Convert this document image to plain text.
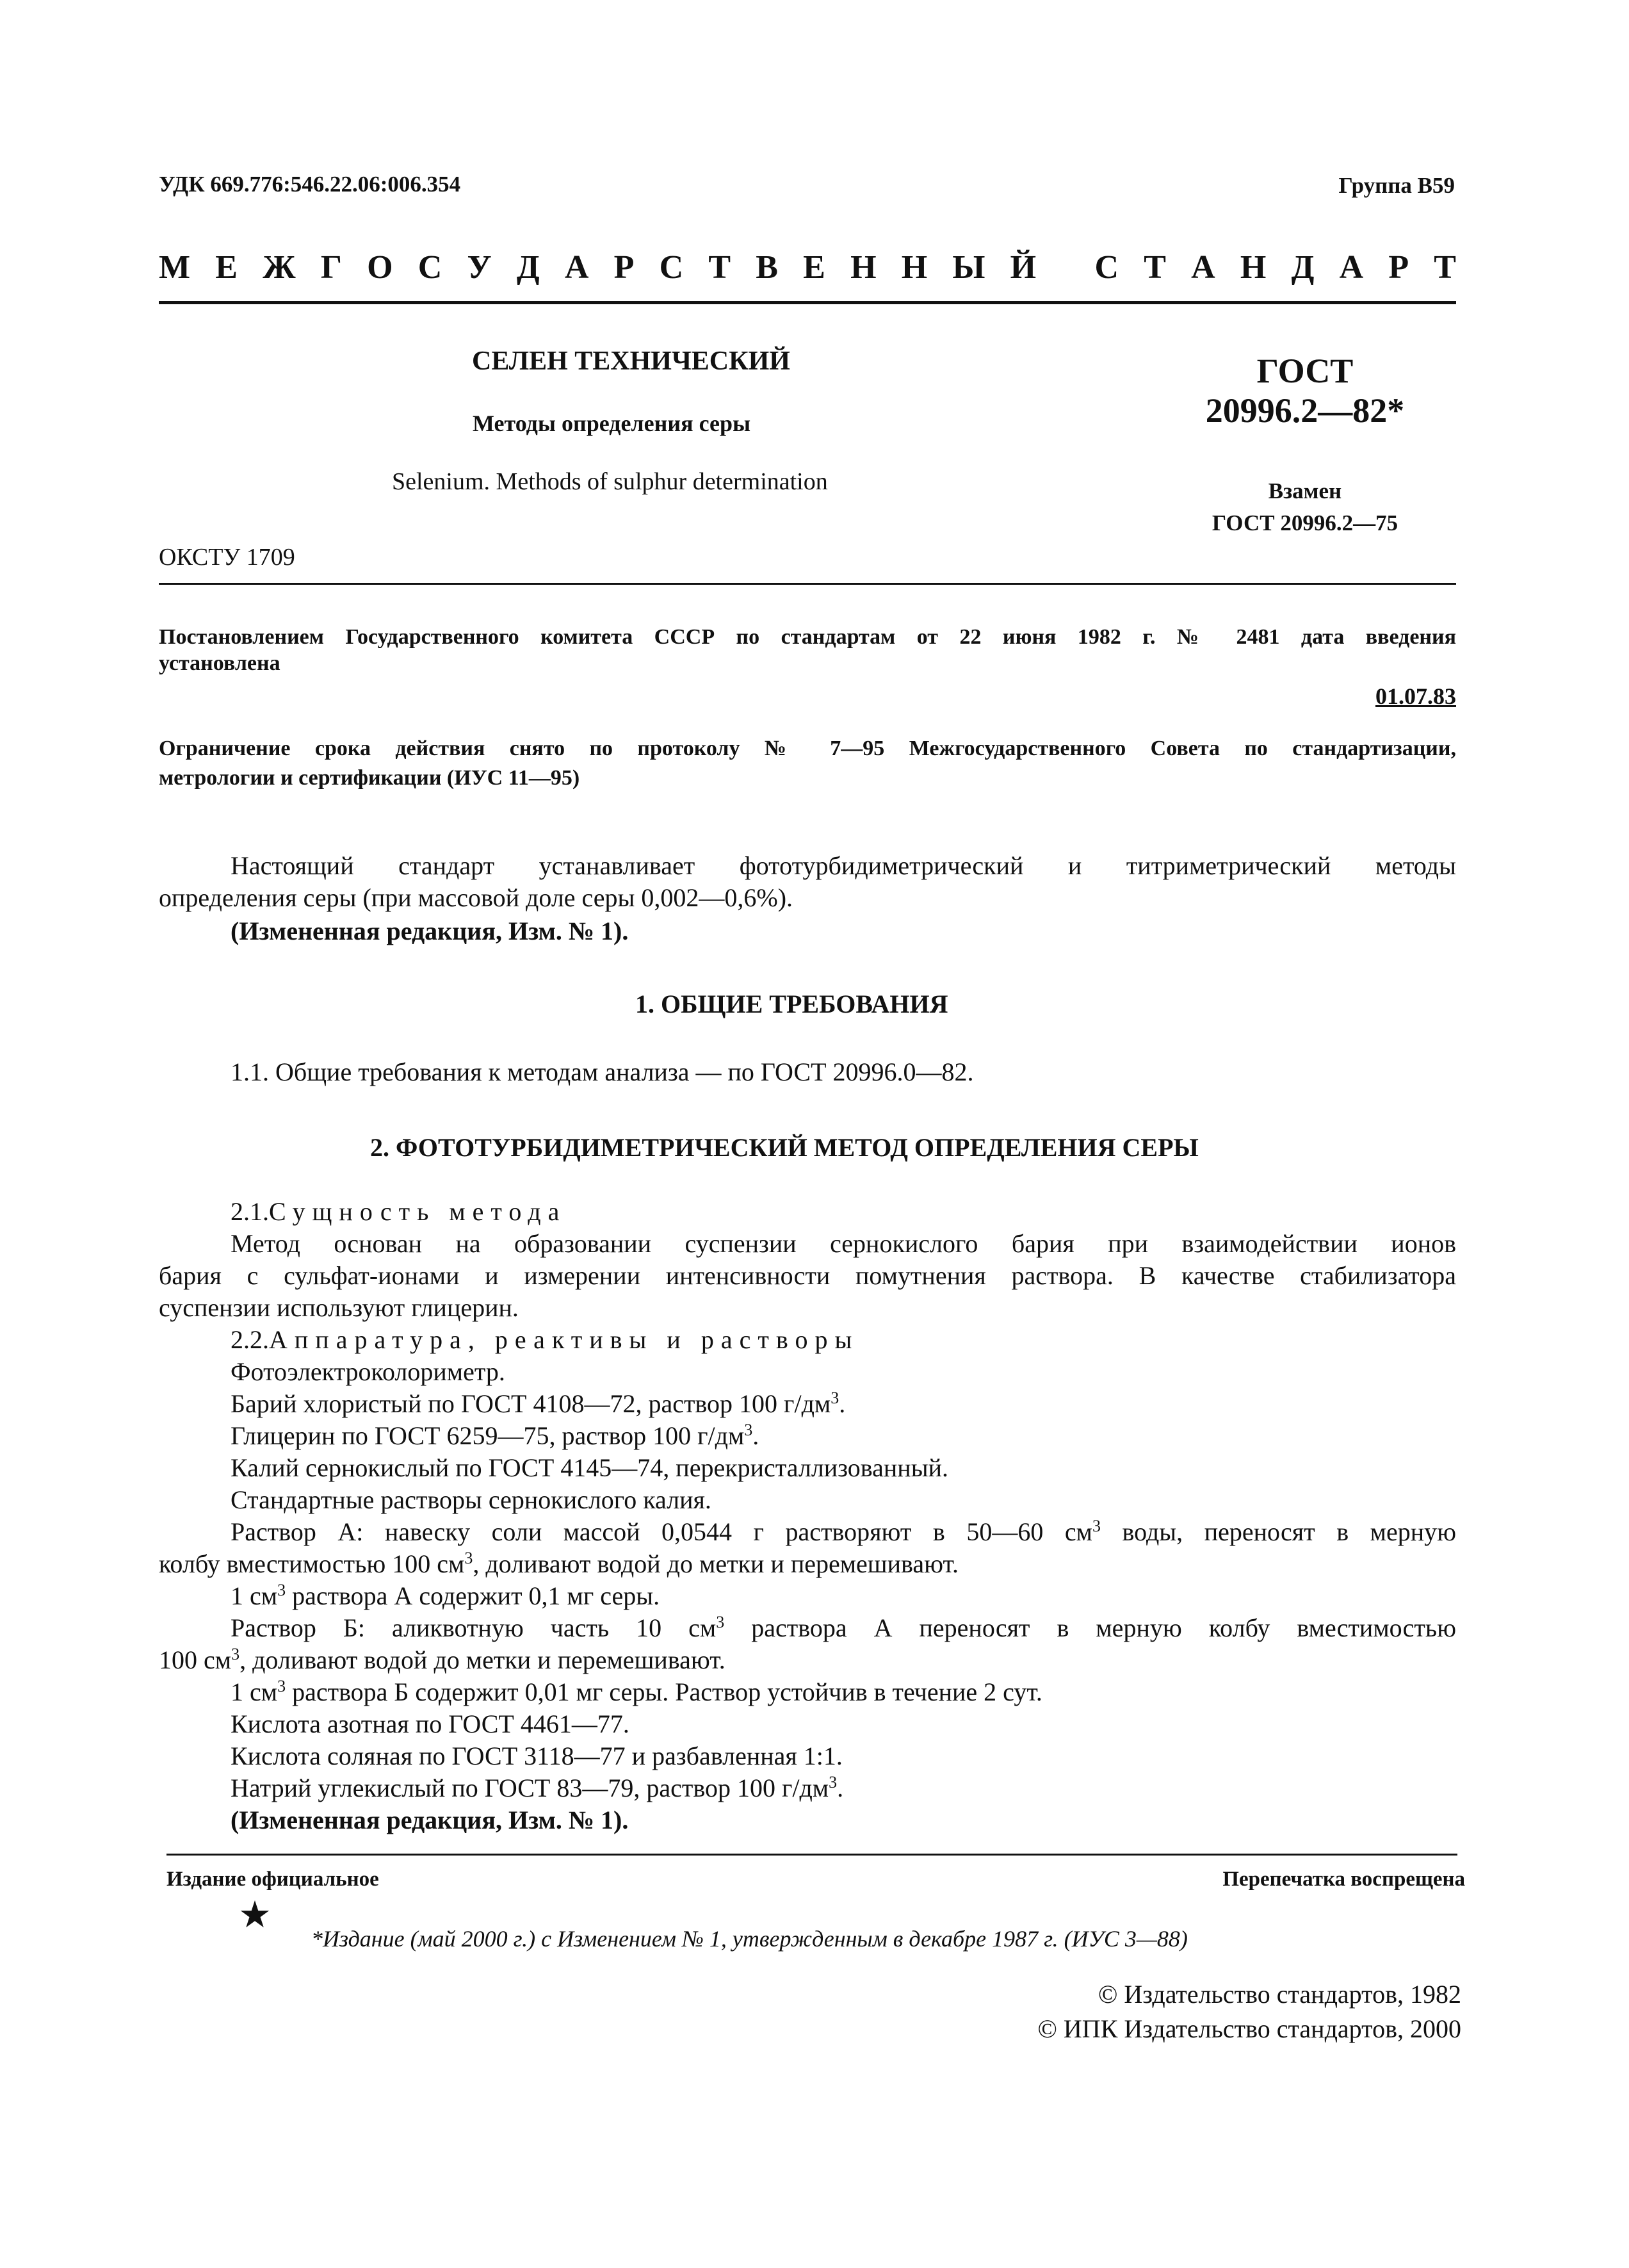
УДК 669.776:546.22.06:006.354	Группа В59

М Е Ж Г О С У Д А Р С Т В Е Н Н Ы Й
С Т А Н Д А Р Т

СЕЛЕН ТЕХНИЧЕСКИЙ

Методы определения серы

Selenium. Methods of sulphur determination

ОКСТУ 1709

ГОСТ
20996.2—82*
Взамен
ГОСТ 20996.2—75

Постановлением Государственного комитета СССР по стандартам от 22 июня 1982 г. № 2481 дата введения

установлена

01.07.83

Ограничение срока действия снято по протоколу № 7—95 Межгосударственного Совета по стандартизации,

метрологии и сертификации (ИУС 11—95)

Настоящий стандарт устанавливает фототурбидиметрический и титриметрический методы

определения серы (при массовой доле серы 0,002—0,6%).

(Измененная редакция, Изм. № 1).

1. ОБЩИЕ ТРЕБОВАНИЯ

1.1. Общие требования к методам анализа — по ГОСТ 20996.0—82.

2. ФОТОТУРБИДИМЕТРИЧЕСКИЙ МЕТОД ОПРЕДЕЛЕНИЯ СЕРЫ

2.1.Сущность метода

Метод основан на образовании суспензии сернокислого бария при взаимодействии ионов

бария с сульфат-ионами и измерении интенсивности помутнения раствора. В качестве стабилизатора

суспензии используют глицерин.

2.2.Аппаратура, реактивы и растворы

Фотоэлектроколориметр.

Барий хлористый по ГОСТ 4108—72, раствор 100 $г/дм^3$.

Глицерин по ГОСТ 6259—75, раствор 100 $г/дм^3$.

Калий сернокислый по ГОСТ 4145—74, перекристаллизованный.

Стандартные растворы сернокислого калия.

Раствор А: навеску соли массой 0,0544 г растворяют в 50—60 $см^3$ воды, переносят в мерную

колбу вместимостью 100 $см^3$, доливают водой до метки и перемешивают.

1 $см^3$ раствора А содержит 0,1 мг серы.

Раствор Б: аликвотную часть 10 $см^3$ раствора А переносят в мерную колбу вместимостью

100 $см^3$, доливают водой до метки и перемешивают.

1 $см^3$ раствора Б содержит 0,01 мг серы. Раствор устойчив в течение 2 сут.

Кислота азотная по ГОСТ 4461—77.

Кислота соляная по ГОСТ 3118—77 и разбавленная 1:1.

Натрий углекислый по ГОСТ 83—79, раствор 100 $г/дм^3$.

(Измененная редакция, Изм. № 1).

Издание официальное	Перепечатка воспрещена

★

*Издание (май 2000 г.) с Изменением № 1, утвержденным в декабре 1987 г. (ИУС 3—88)

© Издательство стандартов, 1982

© ИПК Издательство стандартов, 2000
